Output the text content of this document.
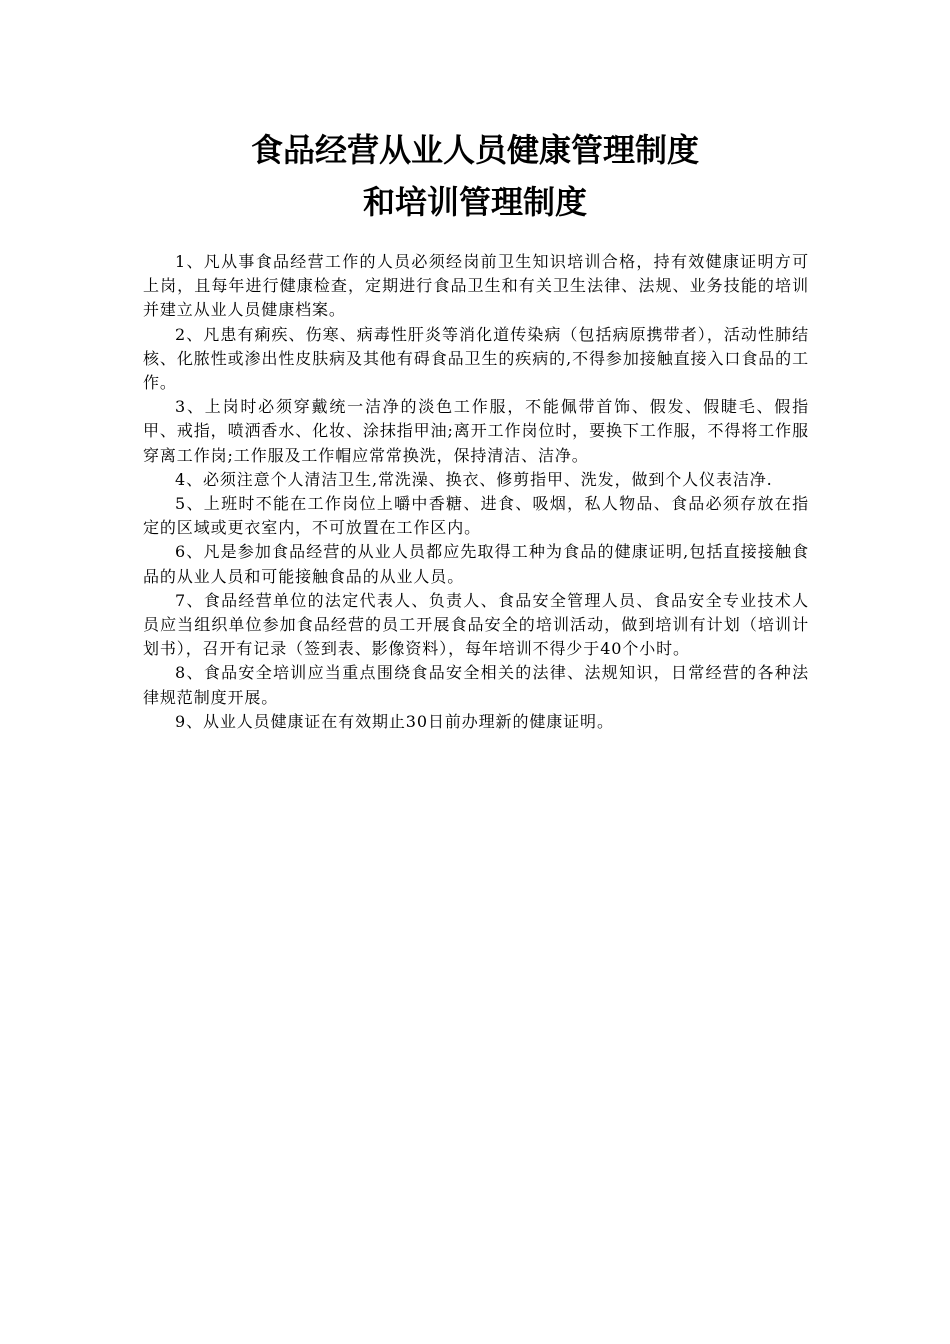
食品经营从业人员健康管理制度
和培训管理制度

1、凡从事食品经营工作的人员必须经岗前卫生知识培训合格，持有效健康证明方可上岗，且每年进行健康检查，定期进行食品卫生和有关卫生法律、法规、业务技能的培训并建立从业人员健康档案。

2、凡患有痢疾、伤寒、病毒性肝炎等消化道传染病（包括病原携带者），活动性肺结核、化脓性或渗出性皮肤病及其他有碍食品卫生的疾病的,不得参加接触直接入口食品的工作。

3、上岗时必须穿戴统一洁净的淡色工作服，不能佩带首饰、假发、假睫毛、假指甲、戒指，喷洒香水、化妆、涂抹指甲油;离开工作岗位时，要换下工作服，不得将工作服穿离工作岗;工作服及工作帽应常常换洗，保持清洁、洁净。

4、必须注意个人清洁卫生,常洗澡、换衣、修剪指甲、洗发，做到个人仪表洁净.

5、上班时不能在工作岗位上嚼中香糖、进食、吸烟，私人物品、食品必须存放在指定的区域或更衣室内，不可放置在工作区内。

6、凡是参加食品经营的从业人员都应先取得工种为食品的健康证明,包括直接接触食品的从业人员和可能接触食品的从业人员。

7、食品经营单位的法定代表人、负责人、食品安全管理人员、食品安全专业技术人员应当组织单位参加食品经营的员工开展食品安全的培训活动，做到培训有计划（培训计划书），召开有记录（签到表、影像资料），每年培训不得少于40个小时。

8、食品安全培训应当重点围绕食品安全相关的法律、法规知识，日常经营的各种法律规范制度开展。

9、从业人员健康证在有效期止30日前办理新的健康证明。
